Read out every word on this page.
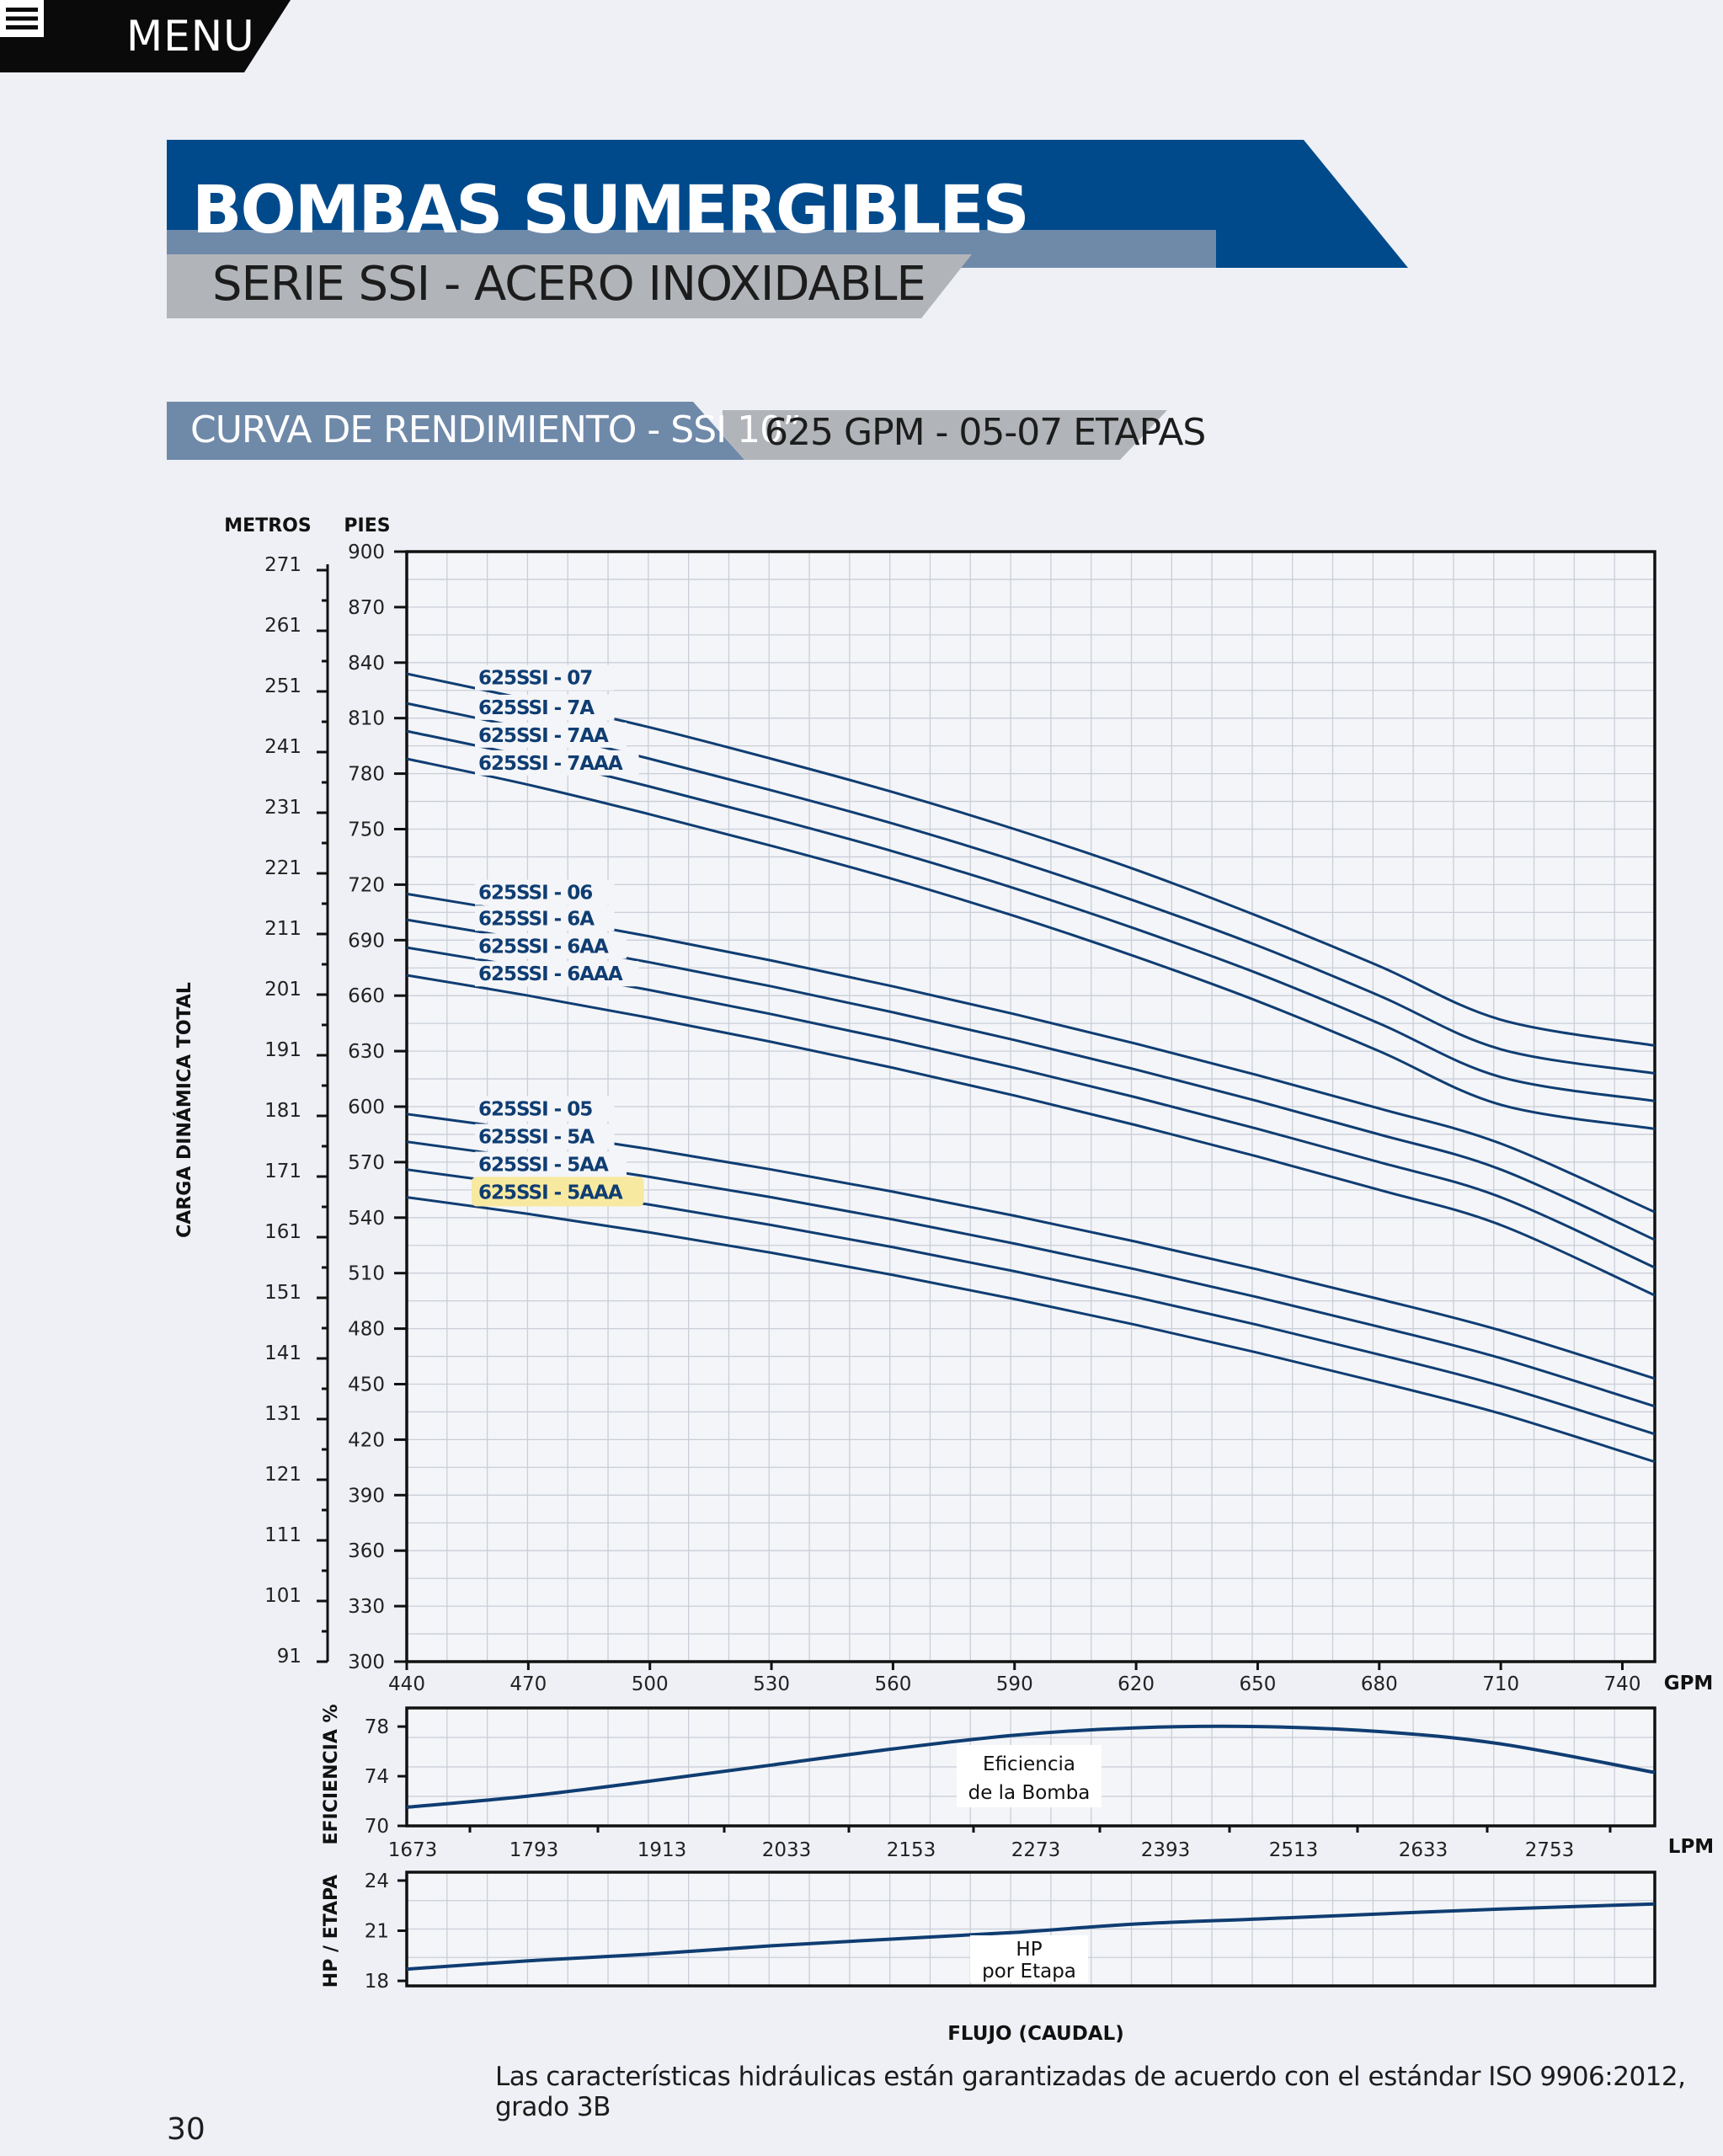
MENU
BOMBAS SUMERGIBLES
SERIE SSI - ACERO INOXIDABLE
CURVA DE RENDIMIENTO - SSI 10”
625 GPM - 05-07 ETAPAS
300
330
360
390
420
450
480
510
540
570
600
630
660
690
720
750
780
810
840
870
900
91
101
111
121
131
141
151
161
171
181
191
201
211
221
231
241
251
261
271
METROS PIES
CARGA DINÁMICA TOTAL
440	470	500	530	560	590	620	650	680	710	740 GPM
625SSI - 07
625SSI - 7A
625SSI - 7AA
625SSI - 7AAA
625SSI - 06
625SSI - 6A
625SSI - 6AA
625SSI - 6AAA
625SSI - 05
625SSI - 5A
625SSI - 5AA
625SSI - 5AAA
70
74
78
EFICIENCIA %	Eficiencia
de la Bomba
1673	1793	1913	2033	2153	2273	2393	2513	2633	2753	LPM
18
21
24
HP / ETAPA	HP
por Etapa
FLUJO (CAUDAL)
Las características hidráulicas están garantizadas de acuerdo con el estándar ISO 9906:2012, grado 3B
30
